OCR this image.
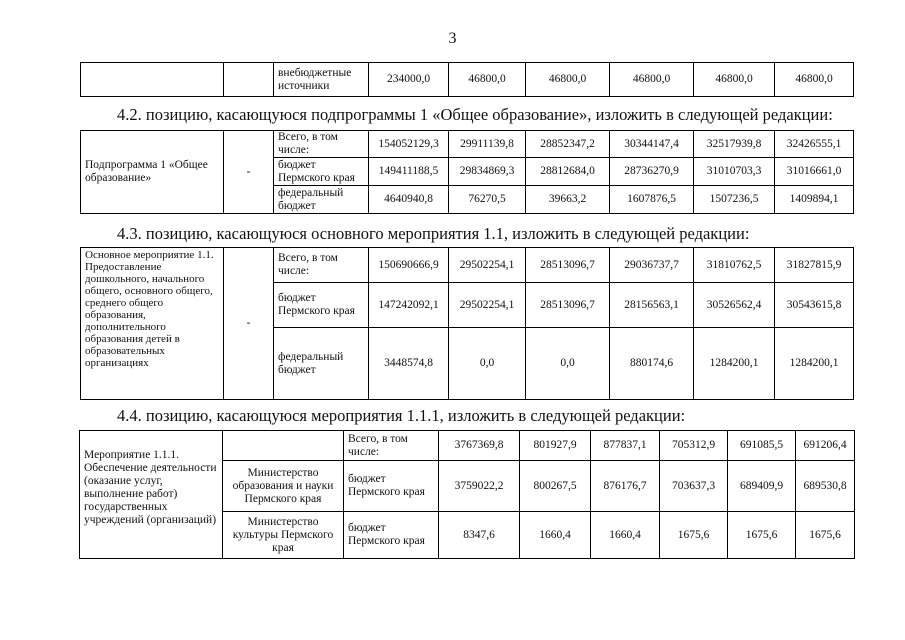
3
		внебюджетные источники	234000,0	46800,0	46800,0	46800,0	46800,0	46800,0
4.2. позицию, касающуюся подпрограммы 1 «Общее образование», изложить в следующей редакции:
Подпрограмма 1 «Общее образование»	-	Всего, в том числе:	154052129,3	29911139,8	28852347,2	30344147,4	32517939,8	32426555,1
		бюджет Пермского края	149411188,5	29834869,3	28812684,0	28736270,9	31010703,3	31016661,0
		федеральный бюджет	4640940,8	76270,5	39663,2	1607876,5	1507236,5	1409894,1
4.3. позицию, касающуюся основного мероприятия 1.1, изложить в следующей редакции:
Основное мероприятие 1.1. Предоставление дошкольного, начального общего, основного общего, среднего общего образования, дополнительного образования детей в образовательных организациях	-	Всего, в том числе:	150690666,9	29502254,1	28513096,7	29036737,7	31810762,5	31827815,9
		бюджет Пермского края	147242092,1	29502254,1	28513096,7	28156563,1	30526562,4	30543615,8
		федеральный бюджет	3448574,8	0,0	0,0	880174,6	1284200,1	1284200,1
4.4. позицию, касающуюся мероприятия 1.1.1, изложить в следующей редакции:
Мероприятие 1.1.1. Обеспечение деятельности (оказание услуг, выполнение работ) государственных учреждений (организаций)		Всего, в том числе:	3767369,8	801927,9	877837,1	705312,9	691085,5	691206,4
	Министерство образования и науки Пермского края	бюджет Пермского края	3759022,2	800267,5	876176,7	703637,3	689409,9	689530,8
	Министерство культуры Пермского края	бюджет Пермского края	8347,6	1660,4	1660,4	1675,6	1675,6	1675,6
